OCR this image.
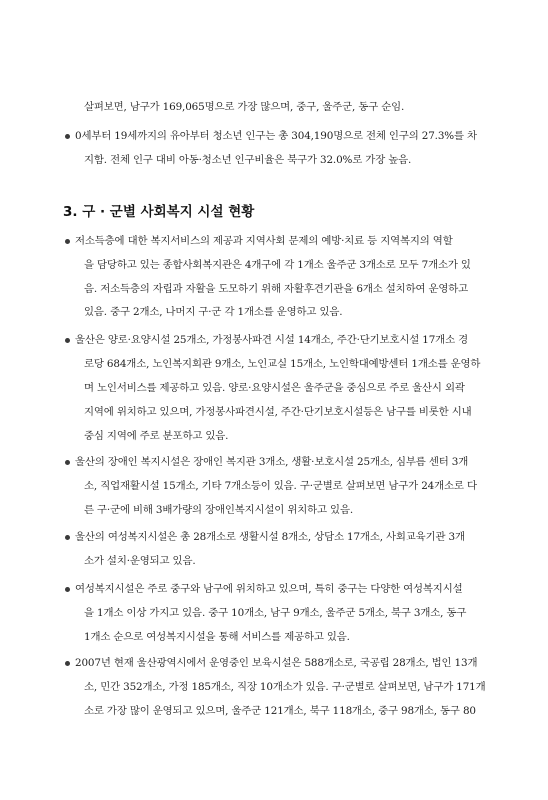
살펴보면, 남구가 169,065명으로 가장 많으며, 중구, 울주군, 동구 순임.
0세부터 19세까지의 유아부터 청소년 인구는 총 304,190명으로 전체 인구의 27.3%를 차
지함. 전체 인구 대비 아동·청소년 인구비율은 북구가 32.0%로 가장 높음.
3. 구 · 군별 사회복지 시설 현황
저소득층에 대한 복지서비스의 제공과 지역사회 문제의 예방·치료 등 지역복지의 역할
을 담당하고 있는 종합사회복지관은 4개구에 각 1개소 울주군 3개소로 모두 7개소가 있
음. 저소득층의 자립과 자활을 도모하기 위해 자활후견기관을 6개소 설치하여 운영하고
있음. 중구 2개소, 나머지 구·군 각 1개소를 운영하고 있음.
울산은 양로·요양시설 25개소, 가정봉사파견 시설 14개소, 주간·단기보호시설 17개소 경
로당 684개소, 노인복지회관 9개소, 노인교실 15개소, 노인학대예방센터 1개소를 운영하
며 노인서비스를 제공하고 있음. 양로·요양시설은 울주군을 중심으로 주로 울산시 외곽
지역에 위치하고 있으며, 가정봉사파견시설, 주간·단기보호시설등은 남구를 비롯한 시내
중심 지역에 주로 분포하고 있음.
울산의 장애인 복지시설은 장애인 복지관 3개소, 생활·보호시설 25개소, 심부름 센터 3개
소, 직업재활시설 15개소, 기타 7개소등이 있음. 구·군별로 살펴보면 남구가 24개소로 다
른 구·군에 비해 3배가량의 장애인복지시설이 위치하고 있음.
울산의 여성복지시설은 총 28개소로 생활시설 8개소, 상담소 17개소, 사회교육기관 3개
소가 설치·운영되고 있음.
여성복지시설은 주로 중구와 남구에 위치하고 있으며, 특히 중구는 다양한 여성복지시설
을 1개소 이상 가지고 있음. 중구 10개소, 남구 9개소, 울주군 5개소, 북구 3개소, 동구
1개소 순으로 여성복지시설을 통해 서비스를 제공하고 있음.
2007년 현재 울산광역시에서 운영중인 보육시설은 588개소로, 국공립 28개소, 법인 13개
소, 민간 352개소, 가정 185개소, 직장 10개소가 있음. 구·군별로 살펴보면, 남구가 171개
소로 가장 많이 운영되고 있으며, 울주군 121개소, 북구 118개소, 중구 98개소, 동구 80
